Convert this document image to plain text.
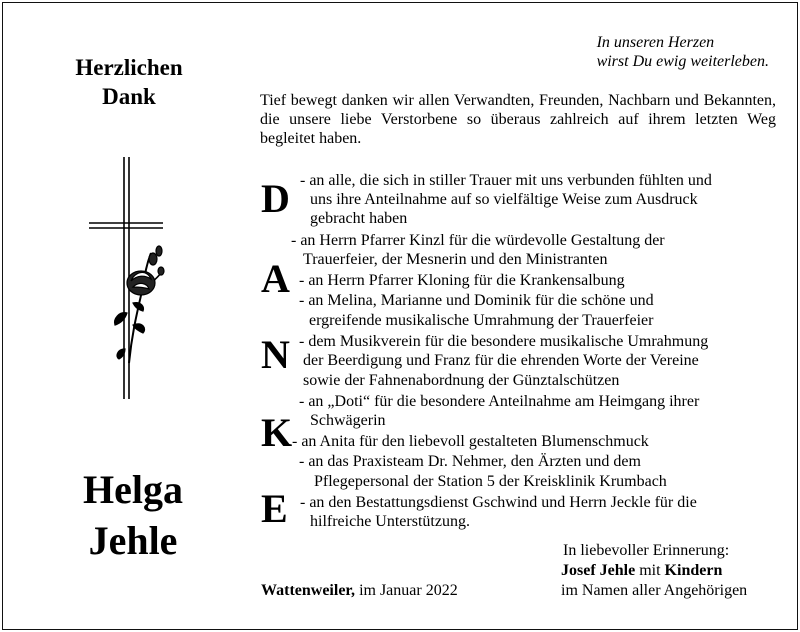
Herzlichen
Dank
In unseren Herzen
wirst Du ewig weiterleben.
Tief bewegt danken wir allen Verwandten, Freunden, Nachbarn und Bekannten, die unsere liebe Verstorbene so überaus zahlreich auf ihrem letzten Weg begleitet haben.
D
A
N
K
E
- an alle, die sich in stiller Trauer mit uns verbunden fühlten und
uns ihre Anteilnahme auf so vielfältige Weise zum Ausdruck
gebracht haben
- an Herrn Pfarrer Kinzl für die würdevolle Gestaltung der
Trauerfeier, der Mesnerin und den Ministranten
- an Herrn Pfarrer Kloning für die Krankensalbung
- an Melina, Marianne und Dominik für die schöne und
ergreifende musikalische Umrahmung der Trauerfeier
- dem Musikverein für die besondere musikalische Umrahmung
der Beerdigung und Franz für die ehrenden Worte der Vereine
sowie der Fahnenabordnung der Günztalschützen
- an „Doti“ für die besondere Anteilnahme am Heimgang ihrer
Schwägerin
- an Anita für den liebevoll gestalteten Blumenschmuck
- an das Praxisteam Dr. Nehmer, den Ärzten und dem
Pflegepersonal der Station 5 der Kreisklinik Krumbach
- an den Bestattungsdienst Gschwind und Herrn Jeckle für die
hilfreiche Unterstützung.
Helga
Jehle
Wattenweiler, im Januar 2022
In liebevoller Erinnerung:
Josef Jehle mit Kindern
im Namen aller Angehörigen
